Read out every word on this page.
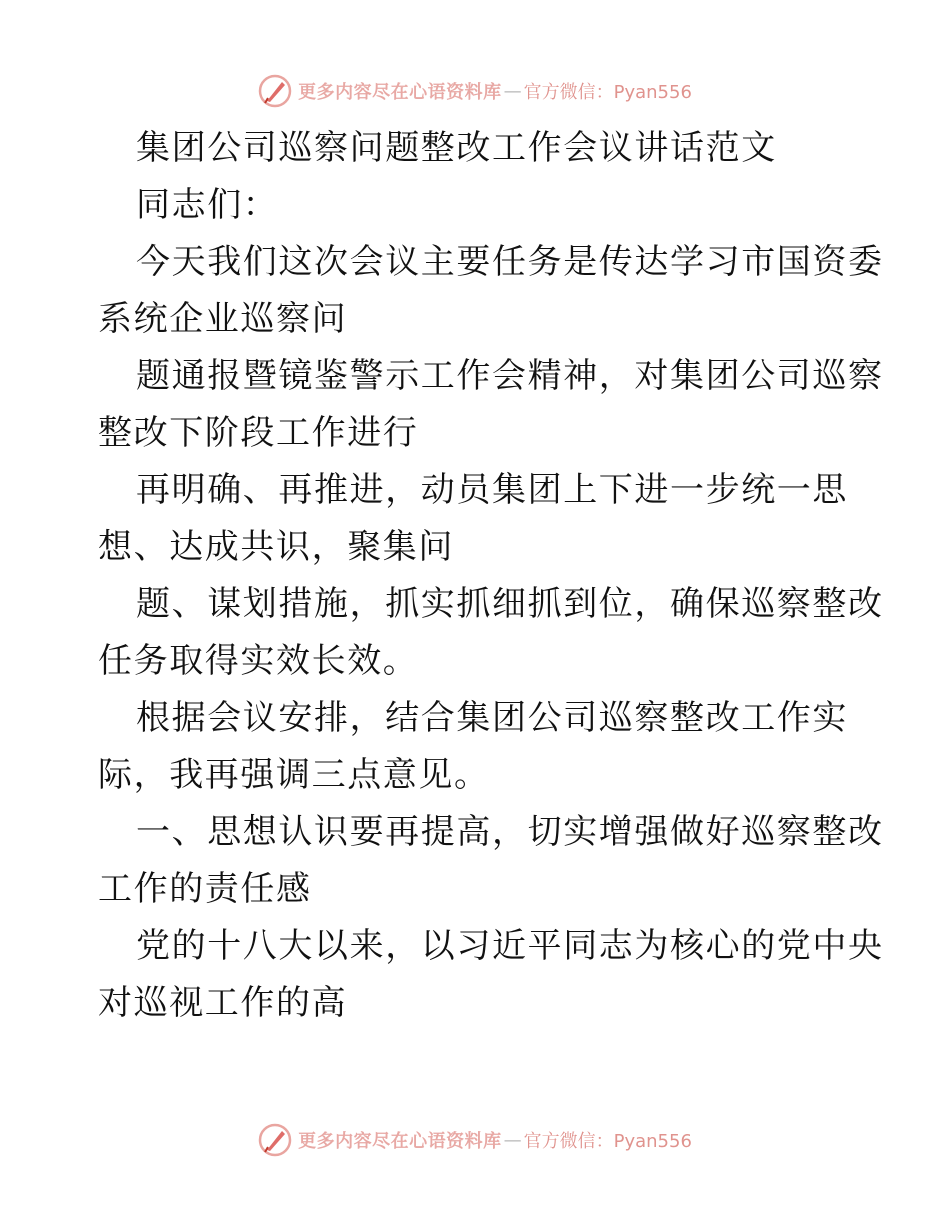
更多内容尽在心语资料库 — 官方微信：Pyan556
集团公司巡察问题整改工作会议讲话范文
同志们：
今天我们这次会议主要任务是传达学习市国资委
系统企业巡察问
题通报暨镜鉴警示工作会精神，对集团公司巡察
整改下阶段工作进行
再明确、再推进，动员集团上下进一步统一思
想、达成共识，聚集问
题、谋划措施，抓实抓细抓到位，确保巡察整改
任务取得实效长效。
根据会议安排，结合集团公司巡察整改工作实
际，我再强调三点意见。
一、思想认识要再提高，切实增强做好巡察整改
工作的责任感
党的十八大以来，以习近平同志为核心的党中央
对巡视工作的高
更多内容尽在心语资料库 — 官方微信：Pyan556
